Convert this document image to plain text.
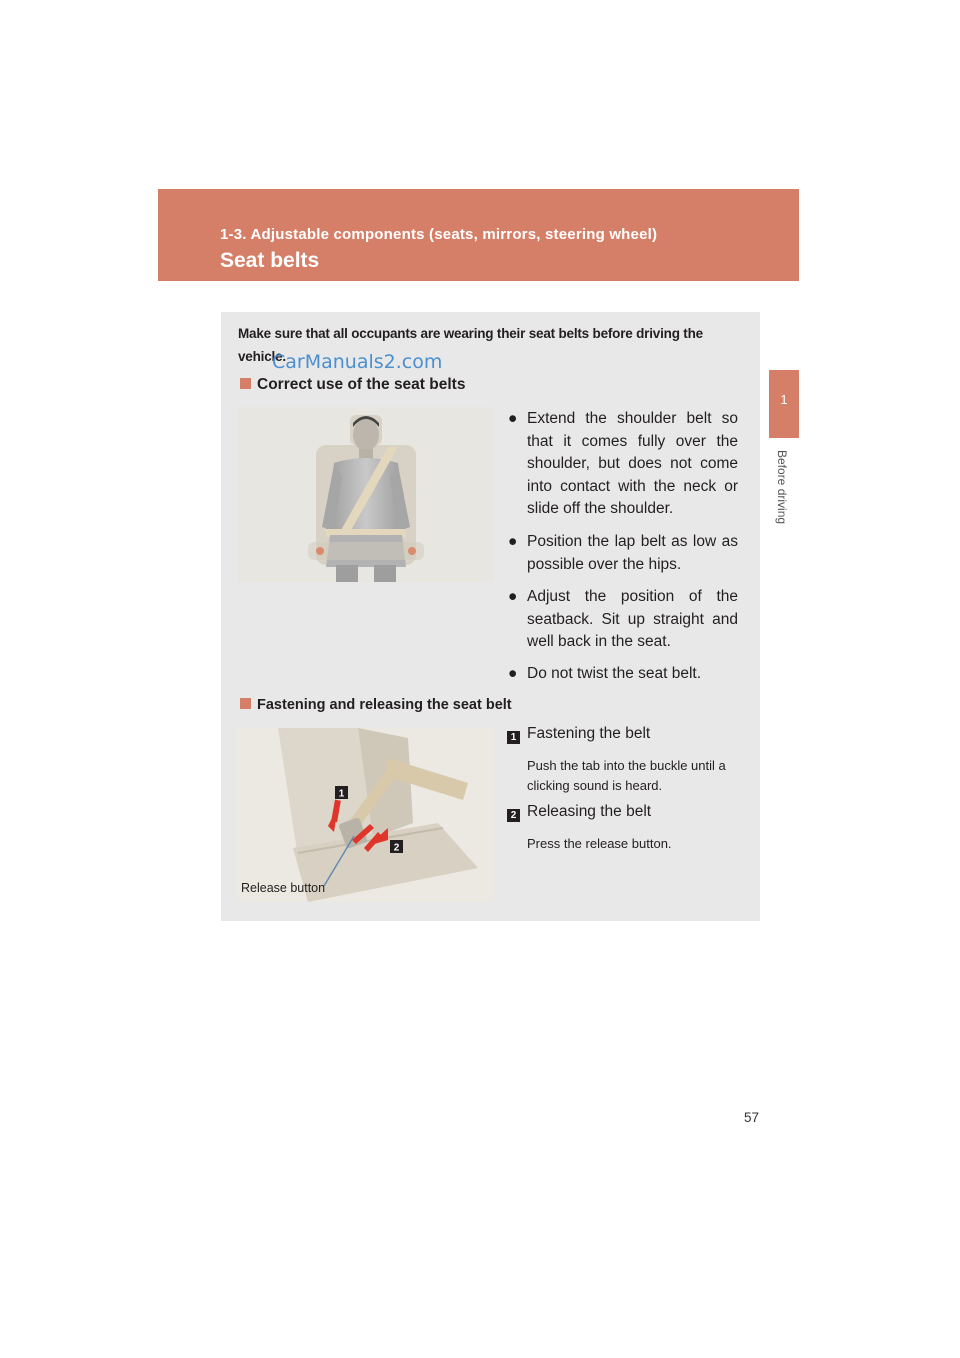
1-3. Adjustable components (seats, mirrors, steering wheel)
Seat belts
1
Before driving
Make sure that all occupants are wearing their seat belts before driving the vehicle.
CarManuals2.com
Correct use of the seat belts
● Extend the shoulder belt so that it comes fully over the shoulder, but does not come into contact with the neck or slide off the shoulder.
● Position the lap belt as low as possible over the hips.
● Adjust the position of the seatback. Sit up straight and well back in the seat.
● Do not twist the seat belt.
Fastening and releasing the seat belt
1
2
Release button
1 Fastening the belt
Push the tab into the buckle until a clicking sound is heard.
2 Releasing the belt
Press the release button.
57
